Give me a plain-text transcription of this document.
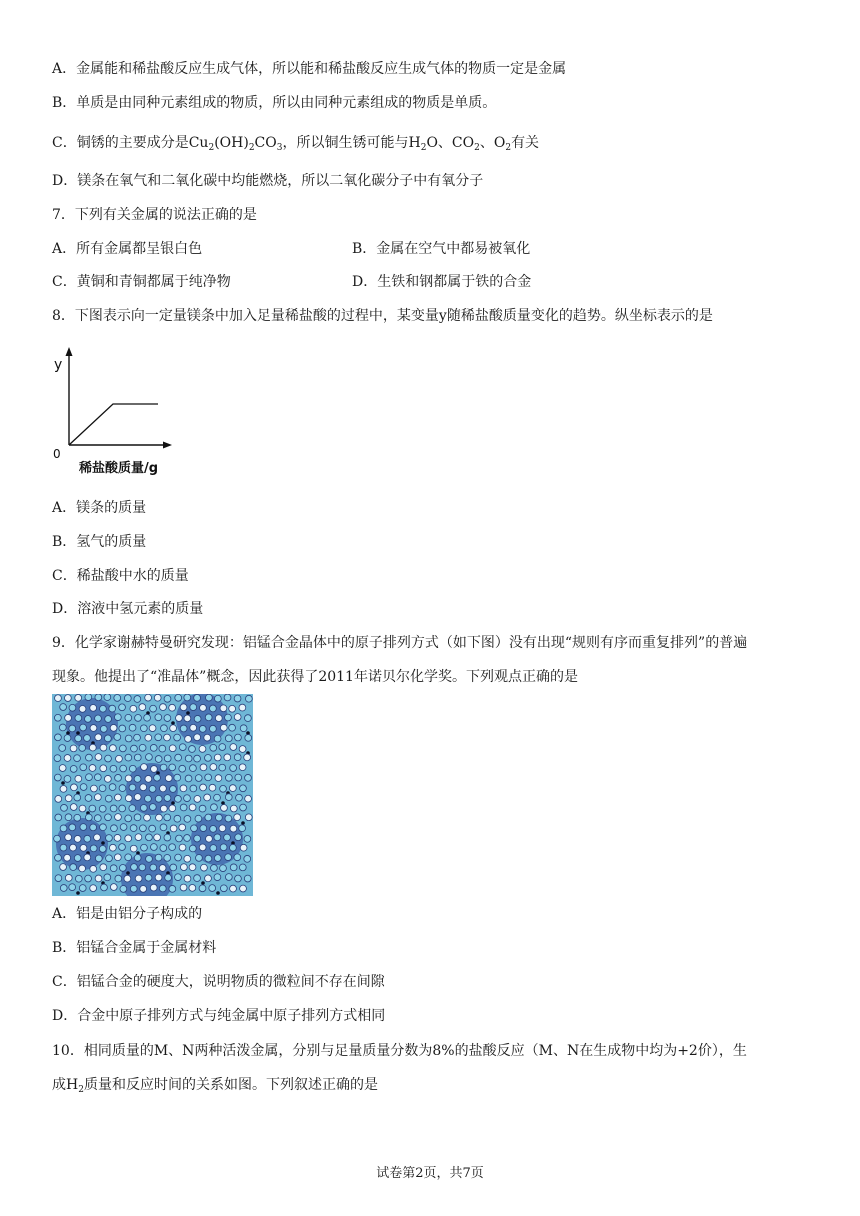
A．金属能和稀盐酸反应生成气体，所以能和稀盐酸反应生成气体的物质一定是金属
B．单质是由同种元素组成的物质，所以由同种元素组成的物质是单质。
C．铜锈的主要成分是$Cu_2(OH)_2CO_3$，所以铜生锈可能与$H_2O$、$CO_2$、$O_2$有关
D．镁条在氧气和二氧化碳中均能燃烧，所以二氧化碳分子中有氧分子
7．下列有关金属的说法正确的是
A．所有金属都呈银白色	B．金属在空气中都易被氧化
C．黄铜和青铜都属于纯净物	D．生铁和钢都属于铁的合金
8．下图表示向一定量镁条中加入足量稀盐酸的过程中，某变量y随稀盐酸质量变化的趋势。纵坐标表示的是
y
0
稀盐酸质量/g
A．镁条的质量
B．氢气的质量
C．稀盐酸中水的质量
D．溶液中氢元素的质量
9．化学家谢赫特曼研究发现：铝锰合金晶体中的原子排列方式（如下图）没有出现“规则有序而重复排列”的普遍
现象。他提出了“准晶体”概念，因此获得了2011年诺贝尔化学奖。下列观点正确的是
A．铝是由铝分子构成的
B．铝锰合金属于金属材料
C．铝锰合金的硬度大，说明物质的微粒间不存在间隙
D．合金中原子排列方式与纯金属中原子排列方式相同
10．相同质量的M、N两种活泼金属，分别与足量质量分数为8%的盐酸反应（M、N在生成物中均为+2价），生
成$H_2$质量和反应时间的关系如图。下列叙述正确的是
试卷第2页，共7页
